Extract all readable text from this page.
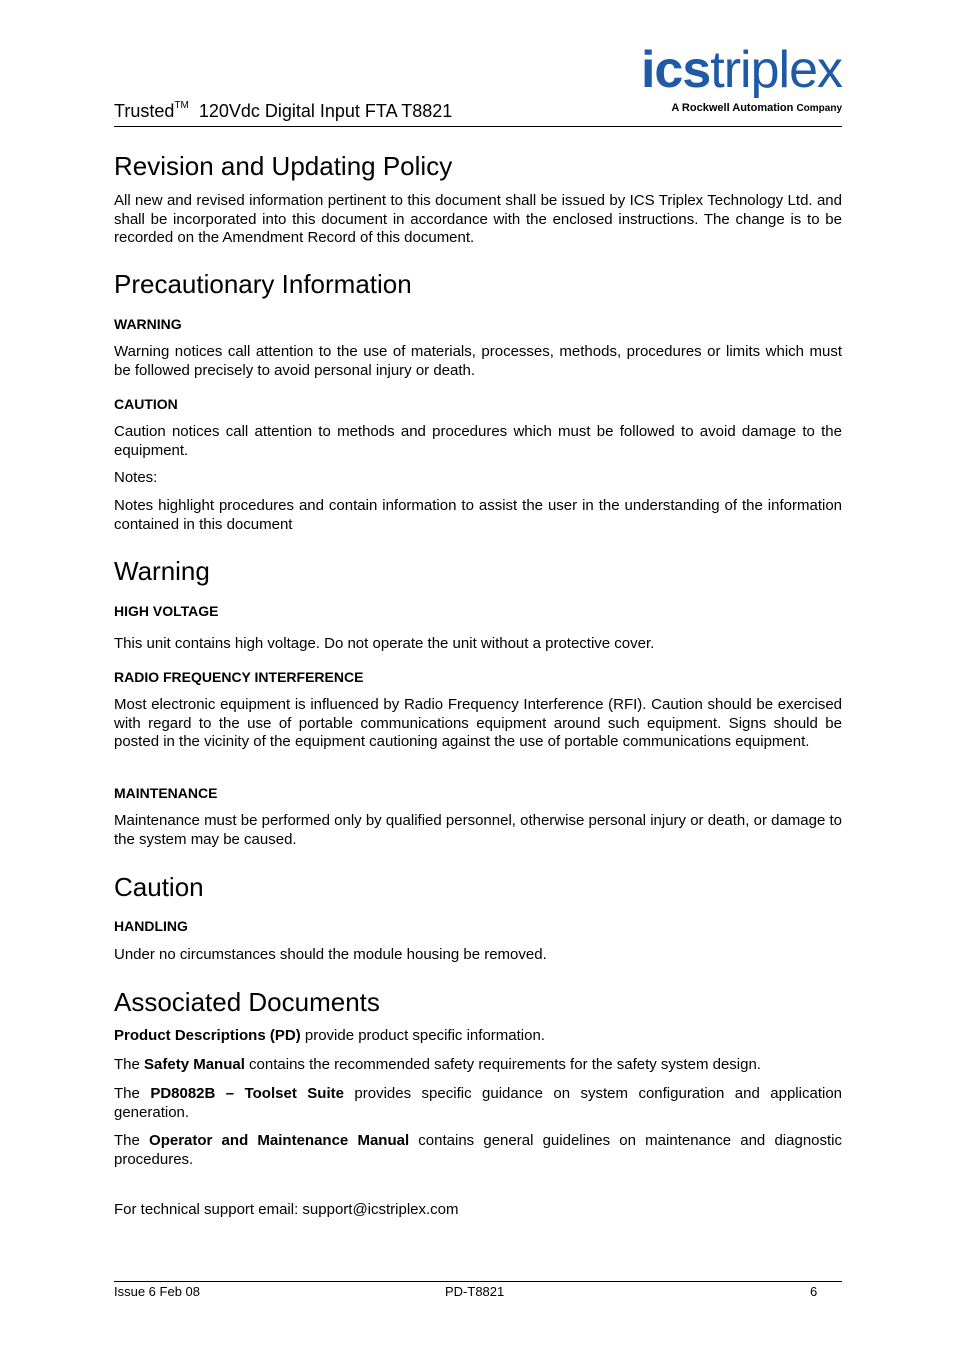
Trusted™ 120Vdc Digital Input FTA T8821
icstriplex
A Rockwell Automation Company
Revision and Updating Policy

All new and revised information pertinent to this document shall be issued by ICS Triplex Technology Ltd. and shall be incorporated into this document in accordance with the enclosed instructions. The change is to be recorded on the Amendment Record of this document.

Precautionary Information
WARNING

Warning notices call attention to the use of materials, processes, methods, procedures or limits which must be followed precisely to avoid personal injury or death.

CAUTION

Caution notices call attention to methods and procedures which must be followed to avoid damage to the equipment.

Notes:

Notes highlight procedures and contain information to assist the user in the understanding of the information contained in this document

Warning
HIGH VOLTAGE

This unit contains high voltage. Do not operate the unit without a protective cover.

RADIO FREQUENCY INTERFERENCE

Most electronic equipment is influenced by Radio Frequency Interference (RFI). Caution should be exercised with regard to the use of portable communications equipment around such equipment. Signs should be posted in the vicinity of the equipment cautioning against the use of portable communications equipment.

MAINTENANCE

Maintenance must be performed only by qualified personnel, otherwise personal injury or death, or damage to the system may be caused.

Caution
HANDLING

Under no circumstances should the module housing be removed.

Associated Documents

Product Descriptions (PD) provide product specific information.

The Safety Manual contains the recommended safety requirements for the safety system design.

The PD8082B – Toolset Suite provides specific guidance on system configuration and application generation.

The Operator and Maintenance Manual contains general guidelines on maintenance and diagnostic procedures.

For technical support email: support@icstriplex.com

Issue 6 Feb 08	PD-T8821	6
